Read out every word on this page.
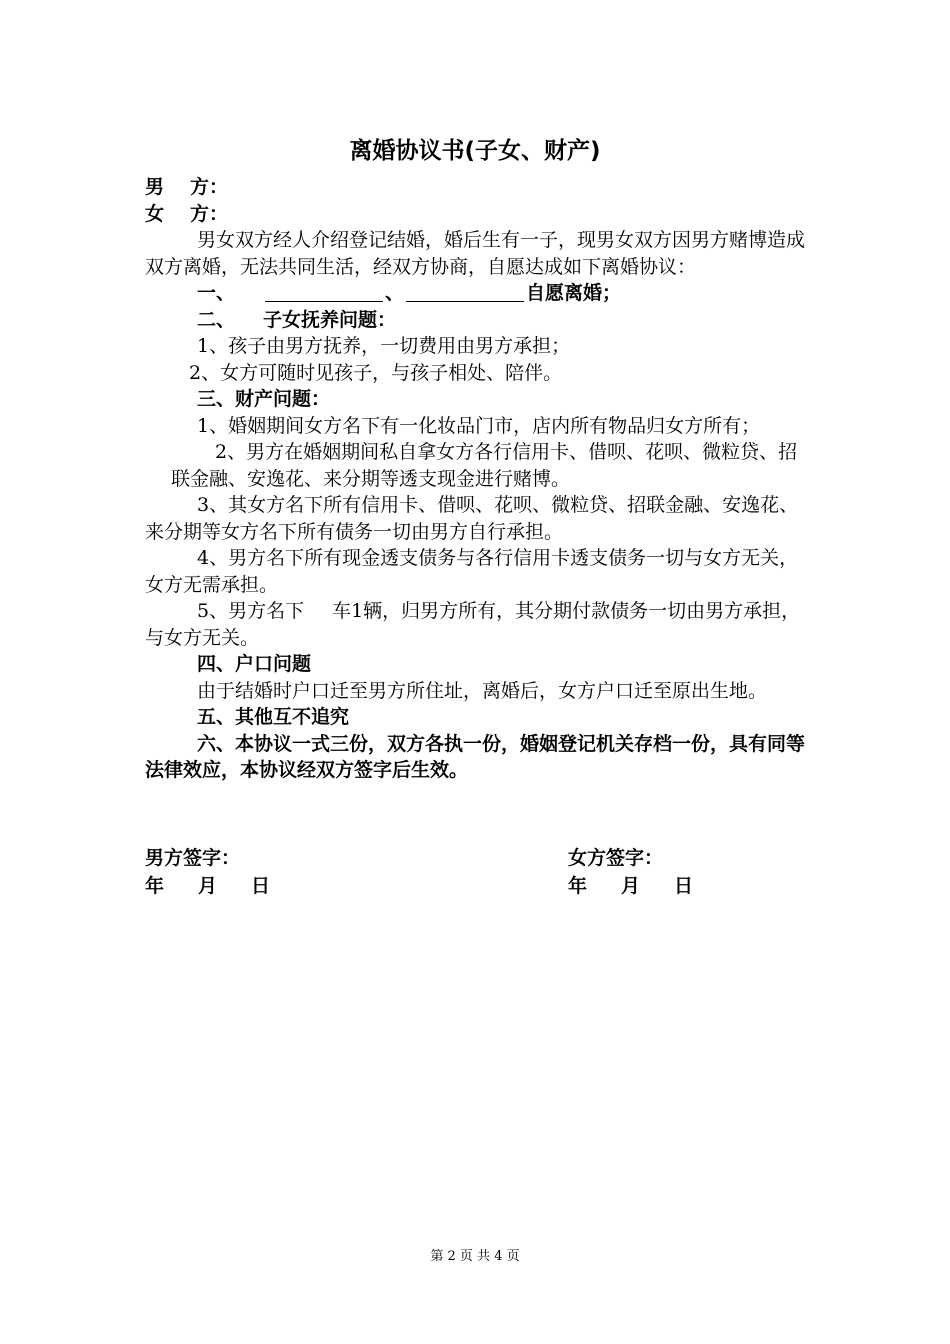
离婚协议书(子女、财产)

男 方：

女 方：

男女双方经人介绍登记结婚，婚后生有一子，现男女双方因男方赌博造成双方离婚，无法共同生活，经双方协商，自愿达成如下离婚协议：

一、	、	自愿离婚；

二、 子女抚养问题：

1、孩子由男方抚养，一切费用由男方承担；

2、女方可随时见孩子，与孩子相处、陪伴。

三、财产问题：

1、婚姻期间女方名下有一化妆品门市，店内所有物品归女方所有；

2、男方在婚姻期间私自拿女方各行信用卡、借呗、花呗、微粒贷、招联金融、安逸花、来分期等透支现金进行赌博。

3、其女方名下所有信用卡、借呗、花呗、微粒贷、招联金融、安逸花、来分期等女方名下所有债务一切由男方自行承担。

4、男方名下所有现金透支债务与各行信用卡透支债务一切与女方无关，女方无需承担。

5、男方名下 车1辆，归男方所有，其分期付款债务一切由男方承担，与女方无关。

四、户口问题

由于结婚时户口迁至男方所住址，离婚后，女方户口迁至原出生地。

五、其他互不追究

六、本协议一式三份，双方各执一份，婚姻登记机关存档一份，具有同等法律效应，本协议经双方签字后生效。

男方签字：
年 月 日
女方签字：
年 月 日
第 2 页 共 4 页
